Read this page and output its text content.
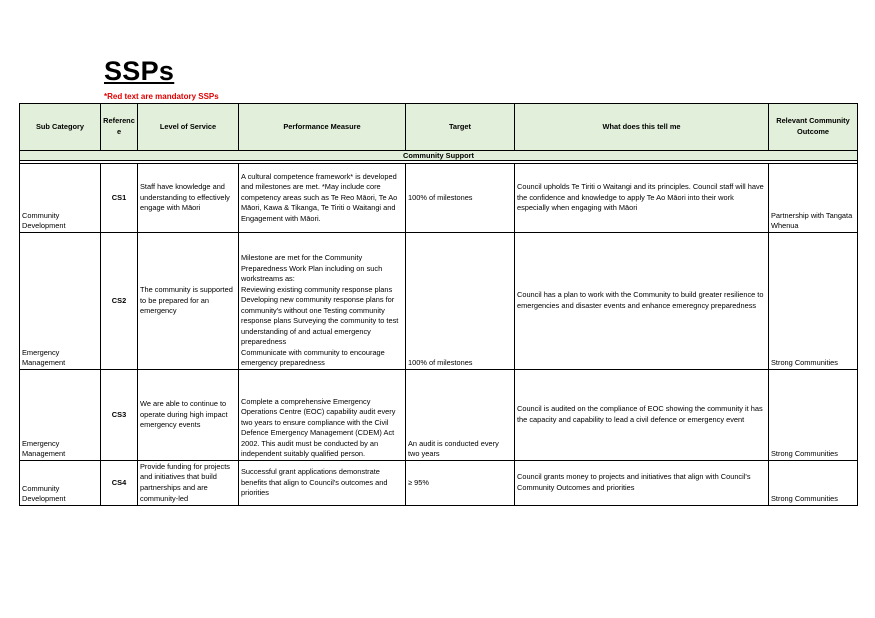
SSPs
*Red text are mandatory SSPs
Sub Category	Reference	Level of Service	Performance Measure	Target	What does this tell me	Relevant Community Outcome
Community Support						

Community Development	CS1	Staff have knowledge and understanding to effectively engage with Māori	A cultural competence framework* is developed and milestones are met. *May include core competency areas such as Te Reo Māori, Te Ao Māori, Kawa & Tikanga, Te Tiriti o Waitangi and Engagement with Māori.	100% of milestones	Council upholds Te Tiriti o Waitangi and its principles. Council staff will have the confidence and knowledge to apply Te Ao Māori into their work especially when engaging with Māori	Partnership with Tangata Whenua
Emergency Management	CS2	The community is supported to be prepared for an emergency	Milestone are met for the Community Preparedness Work Plan including on such workstreams as:
Reviewing existing community response plans
Developing new community response plans for community's without one Testing community response plans Surveying the community to test understanding of and actual emergency preparedness
Communicate with community to encourage emergency preparedness	100% of milestones	Council has a plan to work with the Community to build greater resilience to emergencies and disaster events and enhance emeregncy preparedness	Strong Communities
Emergency Management	CS3	We are able to continue to operate during high impact emergency events	Complete a comprehensive Emergency Operations Centre (EOC) capability audit every two years to ensure compliance with the Civil Defence Emergency Management (CDEM) Act 2002. This audit must be conducted by an independent suitably qualified person.	An audit is conducted every two years	Council is audited on the compliance of EOC showing the community it has the capacity and capability to lead a civil defence or emergency event	Strong Communities
Community Development	CS4	Provide funding for projects and initiatives that build partnerships and are community-led	Successful grant applications demonstrate benefits that align to Council's outcomes and priorities	≥ 95%	Council grants money to projects and initiatives that align with Council's Community Outcomes and priorities	Strong Communities
